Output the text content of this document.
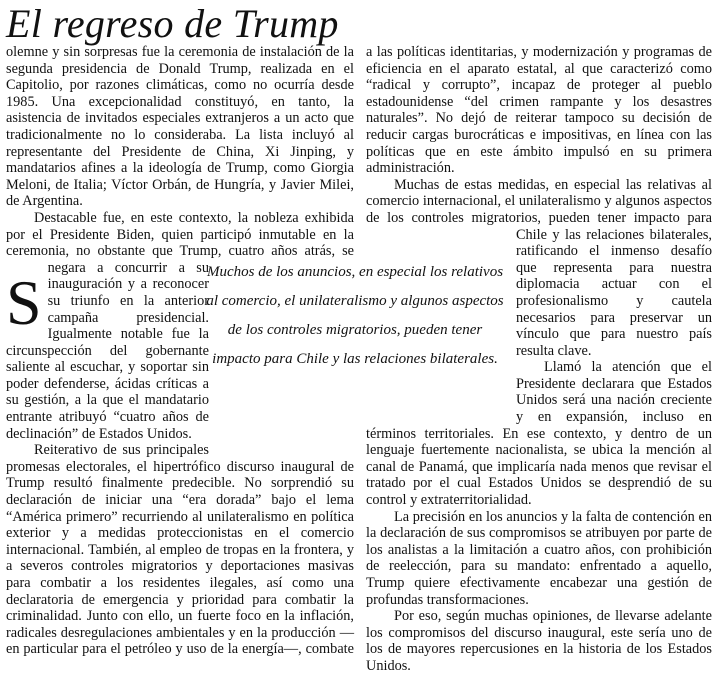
El regreso de Trump

S
olemne y sin sorpresas fue la ceremonia de instalación de la segunda presidencia de Donald Trump, realizada en el Capitolio, por razones climáticas, como no ocurría desde 1985. Una excepcionalidad constituyó, en tanto, la asistencia de invitados especiales extranjeros a un acto que tradicionalmente no lo consideraba. La lista incluyó al representante del Presidente de China, Xi Jinping, y mandatarios afines a la ideología de Trump, como Giorgia Meloni, de Italia; Víctor Orbán, de Hungría, y Javier Milei, de Argentina.

Destacable fue, en este contexto, la nobleza exhibida por el Presidente Biden, quien participó inmutable en la ceremonia, no obstante que Trump, cuatro años atrás, se negara a concurrir a su inauguración y a reconocer su triunfo en la anterior campaña presidencial. Igualmente notable fue la circunspección del gobernante saliente al escuchar, y soportar sin poder defenderse, ácidas críticas a su gestión, a la que el mandatario entrante atribuyó “cuatro años de declinación” de Estados Unidos.

Reiterativo de sus principales promesas electorales, el hipertrófico discurso inaugural de Trump resultó finalmente predecible. No sorprendió su declaración de iniciar una “era dorada” bajo el lema “América primero” recurriendo al unilateralismo en política exterior y a medidas proteccionistas en el comercio internacional. También, al empleo de tropas en la frontera, y a severos controles migratorios y deportaciones masivas para combatir a los residentes ilegales, así como una declaratoria de emergencia y prioridad para combatir la criminalidad. Junto con ello, un fuerte foco en la inflación, radicales desregulaciones ambientales y en la producción —en particular para el petróleo y uso de la energía—, combate

a las políticas identitarias, y modernización y programas de eficiencia en el aparato estatal, al que caracterizó como “radical y corrupto”, incapaz de proteger al pueblo estadounidense “del crimen rampante y los desastres naturales”. No dejó de reiterar tampoco su decisión de reducir cargas burocráticas e impositivas, en línea con las políticas que en este ámbito impulsó en su primera administración.

Muchas de estas medidas, en especial las relativas al comercio internacional, el unilateralismo y algunos aspectos de los controles migratorios, pueden tener impacto para Chile y las relaciones bilaterales, ratificando el inmenso desafío que representa para nuestra diplomacia actuar con el profesionalismo y cautela necesarios para preservar un vínculo que para nuestro país resulta clave.

Llamó la atención que el Presidente declarara que Estados Unidos será una nación creciente y en expansión, incluso en términos territoriales. En ese contexto, y dentro de un lenguaje fuertemente nacionalista, se ubica la mención al canal de Panamá, que implicaría nada menos que revisar el tratado por el cual Estados Unidos se desprendió de su control y extraterritorialidad.

La precisión en los anuncios y la falta de contención en la declaración de sus compromisos se atribuyen por parte de los analistas a la limitación a cuatro años, con prohibición de reelección, para su mandato: enfrentado a aquello, Trump quiere efectivamente encabezar una gestión de profundas transformaciones.

Por eso, según muchas opiniones, de llevarse adelante los compromisos del discurso inaugural, este sería uno de los de mayores repercusiones en la historia de los Estados Unidos.

Muchos de los anuncios, en especial los relativos al comercio, el unilateralismo y algunos aspectos de los controles migratorios, pueden tener impacto para Chile y las relaciones bilaterales.
